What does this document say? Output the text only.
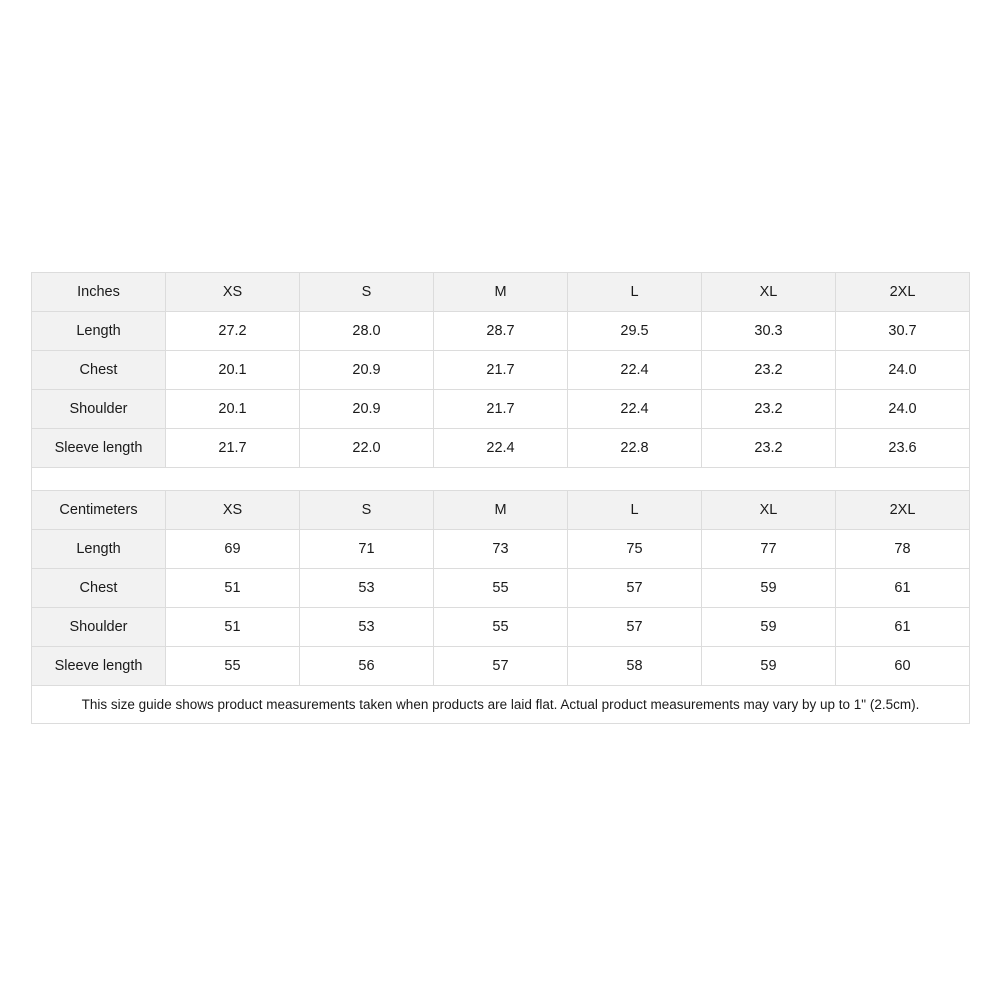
Inches	XS	S	M	L	XL	2XL
Length	27.2	28.0	28.7	29.5	30.3	30.7
Chest	20.1	20.9	21.7	22.4	23.2	24.0
Shoulder	20.1	20.9	21.7	22.4	23.2	24.0
Sleeve length	21.7	22.0	22.4	22.8	23.2	23.6

Centimeters	XS	S	M	L	XL	2XL
Length	69	71	73	75	77	78
Chest	51	53	55	57	59	61
Shoulder	51	53	55	57	59	61
Sleeve length	55	56	57	58	59	60
This size guide shows product measurements taken when products are laid flat. Actual product measurements may vary by up to 1" (2.5cm).						
